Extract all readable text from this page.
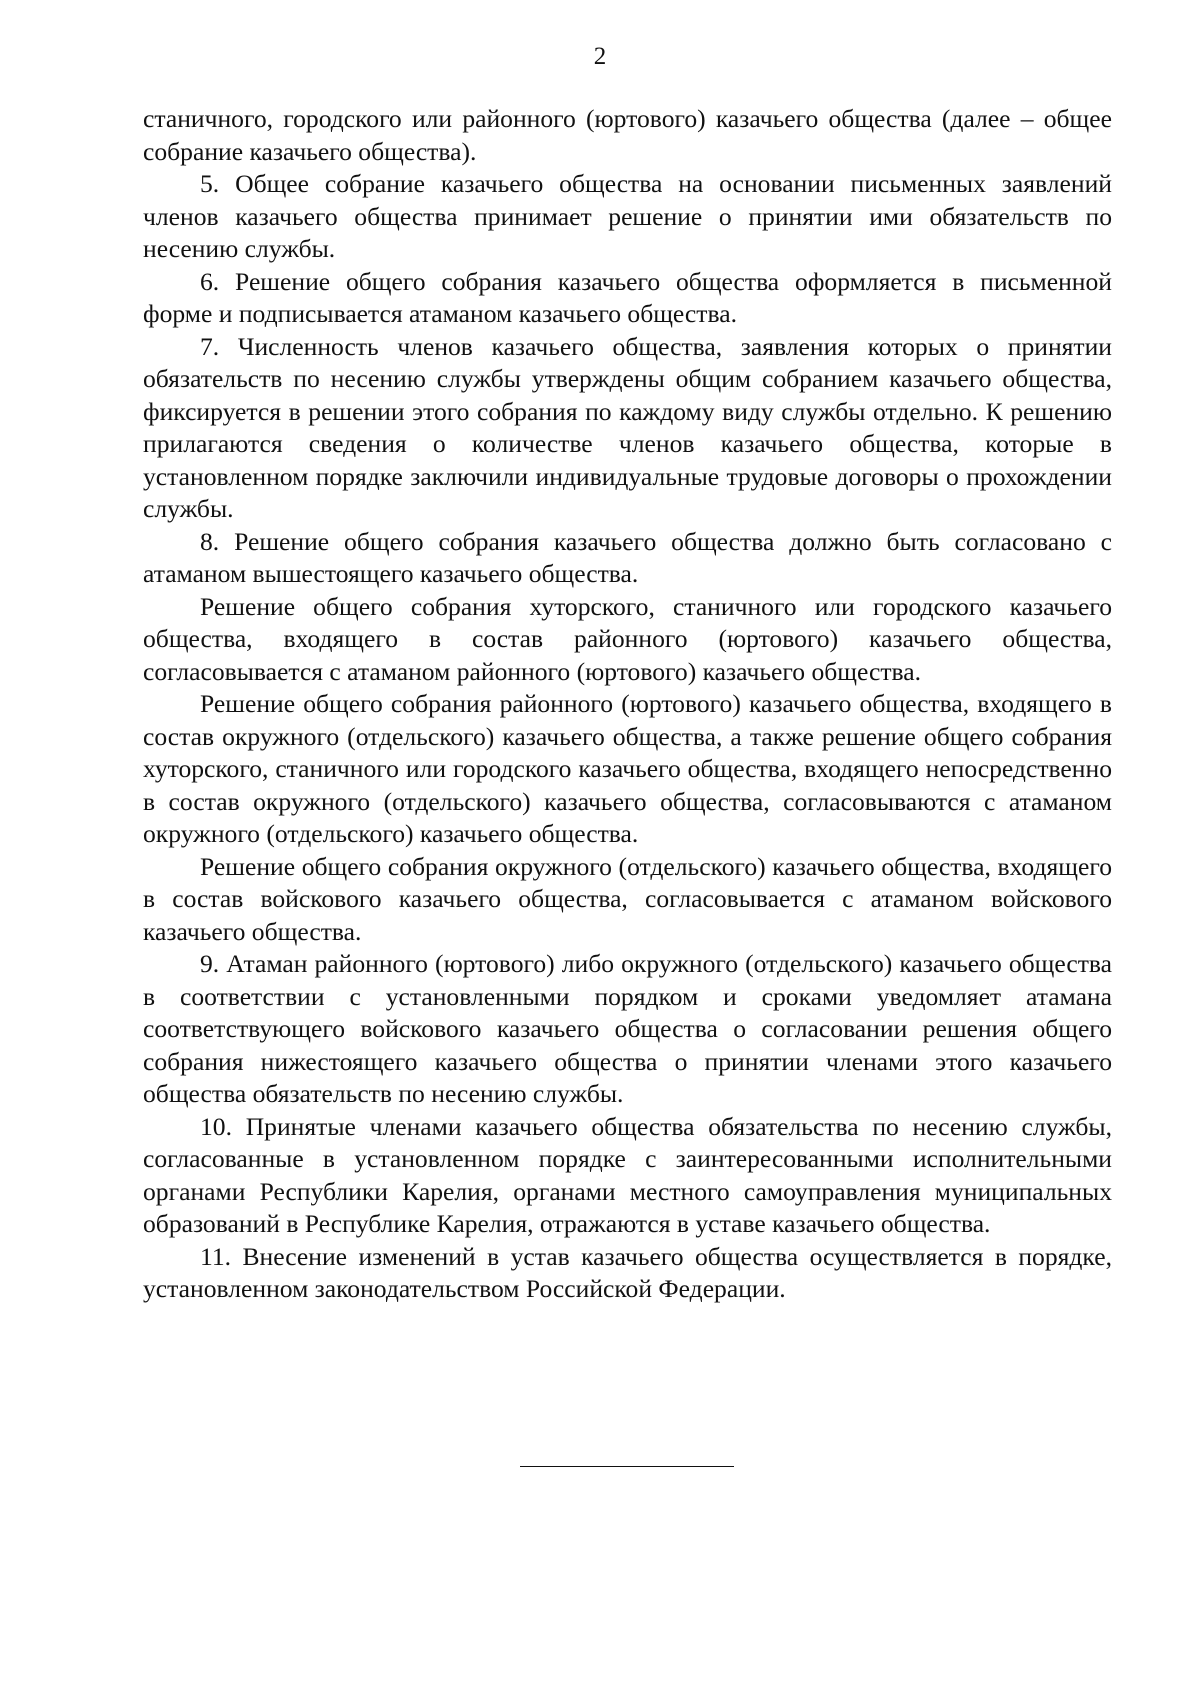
2

станичного, городского или районного (юртового) казачьего общества (далее – общее собрание казачьего общества).

5. Общее собрание казачьего общества на основании письменных заявлений членов казачьего общества принимает решение о принятии ими обязательств по несению службы.

6. Решение общего собрания казачьего общества оформляется в письменной форме и подписывается атаманом казачьего общества.

7. Численность членов казачьего общества, заявления которых о принятии обязательств по несению службы утверждены общим собранием казачьего общества, фиксируется в решении этого собрания по каждому виду службы отдельно. К решению прилагаются сведения о количестве членов казачьего общества, которые в установленном порядке заключили индивидуальные трудовые договоры о прохождении службы.

8. Решение общего собрания казачьего общества должно быть согласовано с атаманом вышестоящего казачьего общества.

Решение общего собрания хуторского, станичного или городского казачьего общества, входящего в состав районного (юртового) казачьего общества, согласовывается с атаманом районного (юртового) казачьего общества.

Решение общего собрания районного (юртового) казачьего общества, входящего в состав окружного (отдельского) казачьего общества, а также решение общего собрания хуторского, станичного или городского казачьего общества, входящего непосредственно в состав окружного (отдельского) казачьего общества, согласовываются с атаманом окружного (отдельского) казачьего общества.

Решение общего собрания окружного (отдельского) казачьего общества, входящего в состав войскового казачьего общества, согласовывается с атаманом войскового казачьего общества.

9. Атаман районного (юртового) либо окружного (отдельского) казачьего общества в соответствии с установленными порядком и сроками уведомляет атамана соответствующего войскового казачьего общества о согласовании решения общего собрания нижестоящего казачьего общества о принятии членами этого казачьего общества обязательств по несению службы.

10. Принятые членами казачьего общества обязательства по несению службы, согласованные в установленном порядке с заинтересованными исполнительными органами Республики Карелия, органами местного самоуправления муниципальных образований в Республике Карелия, отражаются в уставе казачьего общества.

11. Внесение изменений в устав казачьего общества осуществляется в порядке, установленном законодательством Российской Федерации.
